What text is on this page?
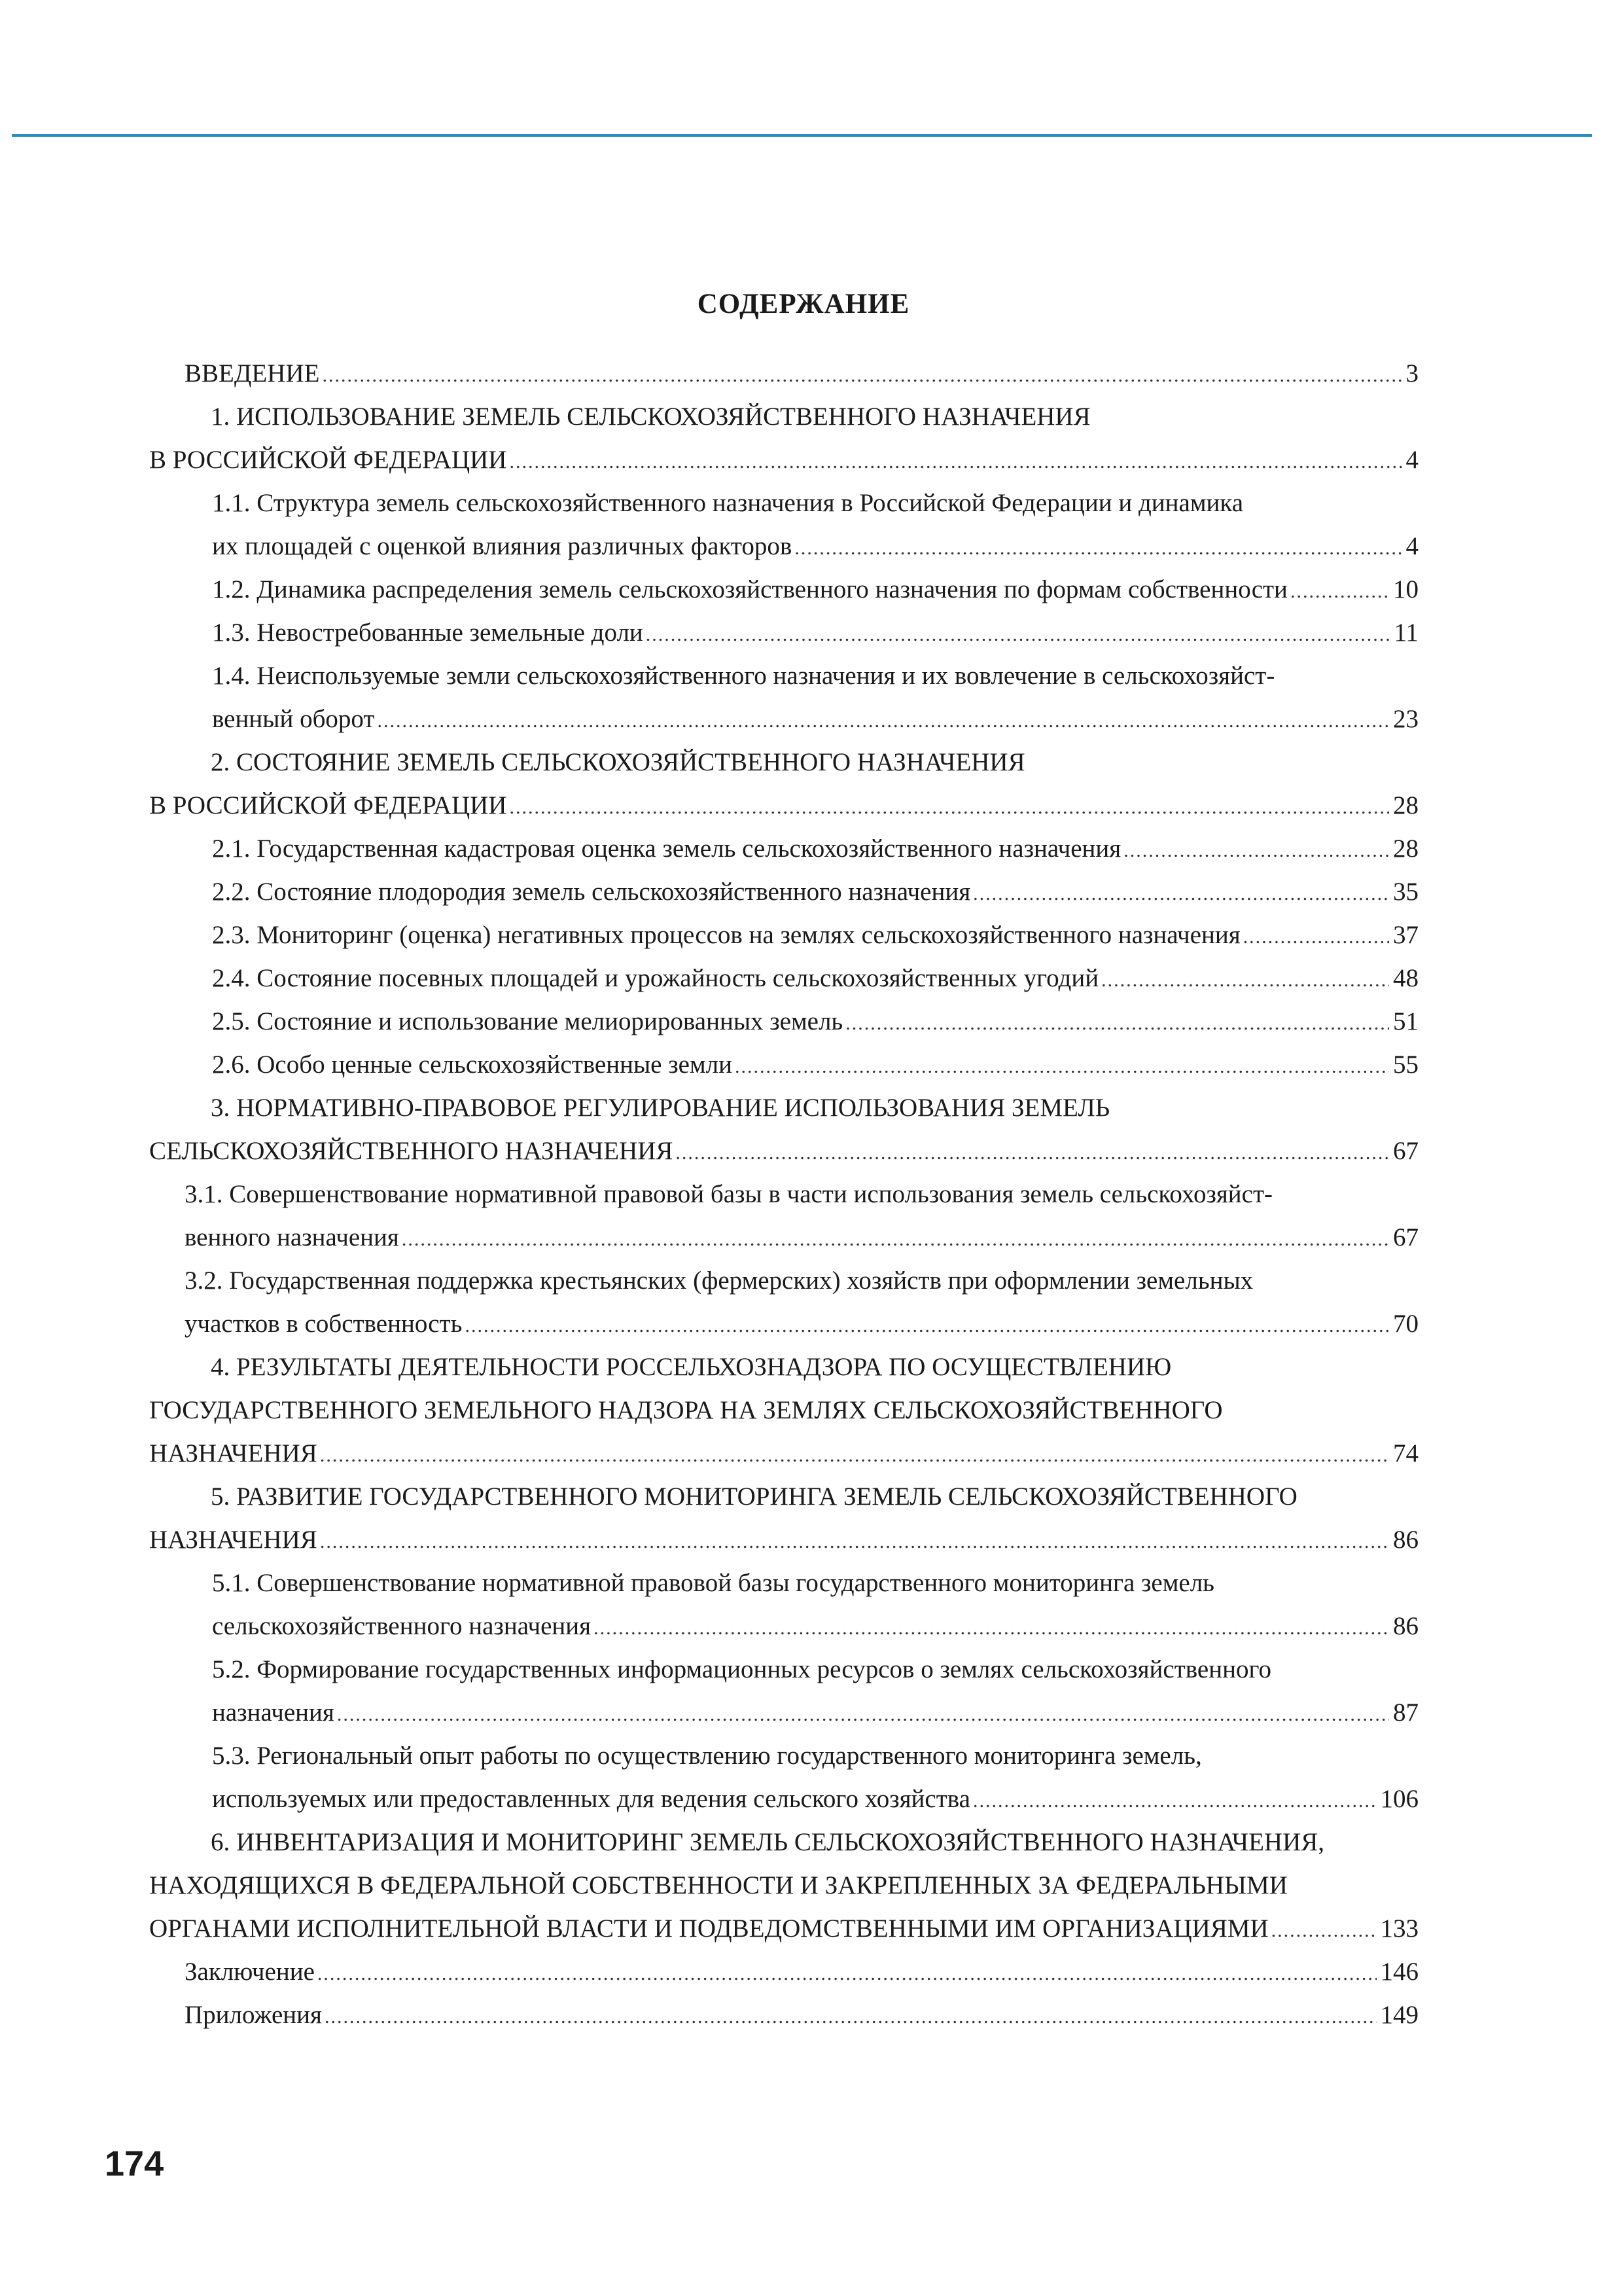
СОДЕРЖАНИЕ
ВВЕДЕНИЕ .....	3
1. ИСПОЛЬЗОВАНИЕ ЗЕМЕЛЬ СЕЛЬСКОХОЗЯЙСТВЕННОГО НАЗНАЧЕНИЯ
В РОССИЙСКОЙ ФЕДЕРАЦИИ .....	4
1.1. Структура земель сельскохозяйственного назначения в Российской Федерации и динамика
их площадей с оценкой влияния различных факторов .....	4
1.2. Динамика распределения земель сельскохозяйственного назначения по формам собственности .....	10
1.3. Невостребованные земельные доли .....	11
1.4. Неиспользуемые земли сельскохозяйственного назначения и их вовлечение в сельскохозяйст-
венный оборот .....	23
2. СОСТОЯНИЕ ЗЕМЕЛЬ СЕЛЬСКОХОЗЯЙСТВЕННОГО НАЗНАЧЕНИЯ
В РОССИЙСКОЙ ФЕДЕРАЦИИ .....	28
2.1. Государственная кадастровая оценка земель сельскохозяйственного назначения .....	28
2.2. Состояние плодородия земель сельскохозяйственного назначения .....	35
2.3. Мониторинг (оценка) негативных процессов на землях сельскохозяйственного назначения .....	37
2.4. Состояние посевных площадей и урожайность сельскохозяйственных угодий .....	48
2.5. Состояние и использование мелиорированных земель .....	51
2.6. Особо ценные сельскохозяйственные земли .....	55
3. НОРМАТИВНО-ПРАВОВОЕ РЕГУЛИРОВАНИЕ ИСПОЛЬЗОВАНИЯ ЗЕМЕЛЬ
СЕЛЬСКОХОЗЯЙСТВЕННОГО НАЗНАЧЕНИЯ .....	67
3.1. Совершенствование нормативной правовой базы в части использования земель сельскохозяйст-
венного назначения .....	67
3.2. Государственная поддержка крестьянских (фермерских) хозяйств при оформлении земельных
участков в собственность .....	70
4. РЕЗУЛЬТАТЫ ДЕЯТЕЛЬНОСТИ РОССЕЛЬХОЗНАДЗОРА ПО ОСУЩЕСТВЛЕНИЮ
ГОСУДАРСТВЕННОГО ЗЕМЕЛЬНОГО НАДЗОРА НА ЗЕМЛЯХ СЕЛЬСКОХОЗЯЙСТВЕННОГО
НАЗНАЧЕНИЯ .....	74
5. РАЗВИТИЕ ГОСУДАРСТВЕННОГО МОНИТОРИНГА ЗЕМЕЛЬ СЕЛЬСКОХОЗЯЙСТВЕННОГО
НАЗНАЧЕНИЯ .....	86
5.1. Совершенствование нормативной правовой базы государственного мониторинга земель
сельскохозяйственного назначения .....	86
5.2. Формирование государственных информационных ресурсов о землях сельскохозяйственного
назначения .....	87
5.3. Региональный опыт работы по осуществлению государственного мониторинга земель,
используемых или предоставленных для ведения сельского хозяйства .....	106
6. ИНВЕНТАРИЗАЦИЯ И МОНИТОРИНГ ЗЕМЕЛЬ СЕЛЬСКОХОЗЯЙСТВЕННОГО НАЗНАЧЕНИЯ,
НАХОДЯЩИХСЯ В ФЕДЕРАЛЬНОЙ СОБСТВЕННОСТИ И ЗАКРЕПЛЕННЫХ ЗА ФЕДЕРАЛЬНЫМИ
ОРГАНАМИ ИСПОЛНИТЕЛЬНОЙ ВЛАСТИ И ПОДВЕДОМСТВЕННЫМИ ИМ ОРГАНИЗАЦИЯМИ .....	133
Заключение .....	146
Приложения .....	149
174
